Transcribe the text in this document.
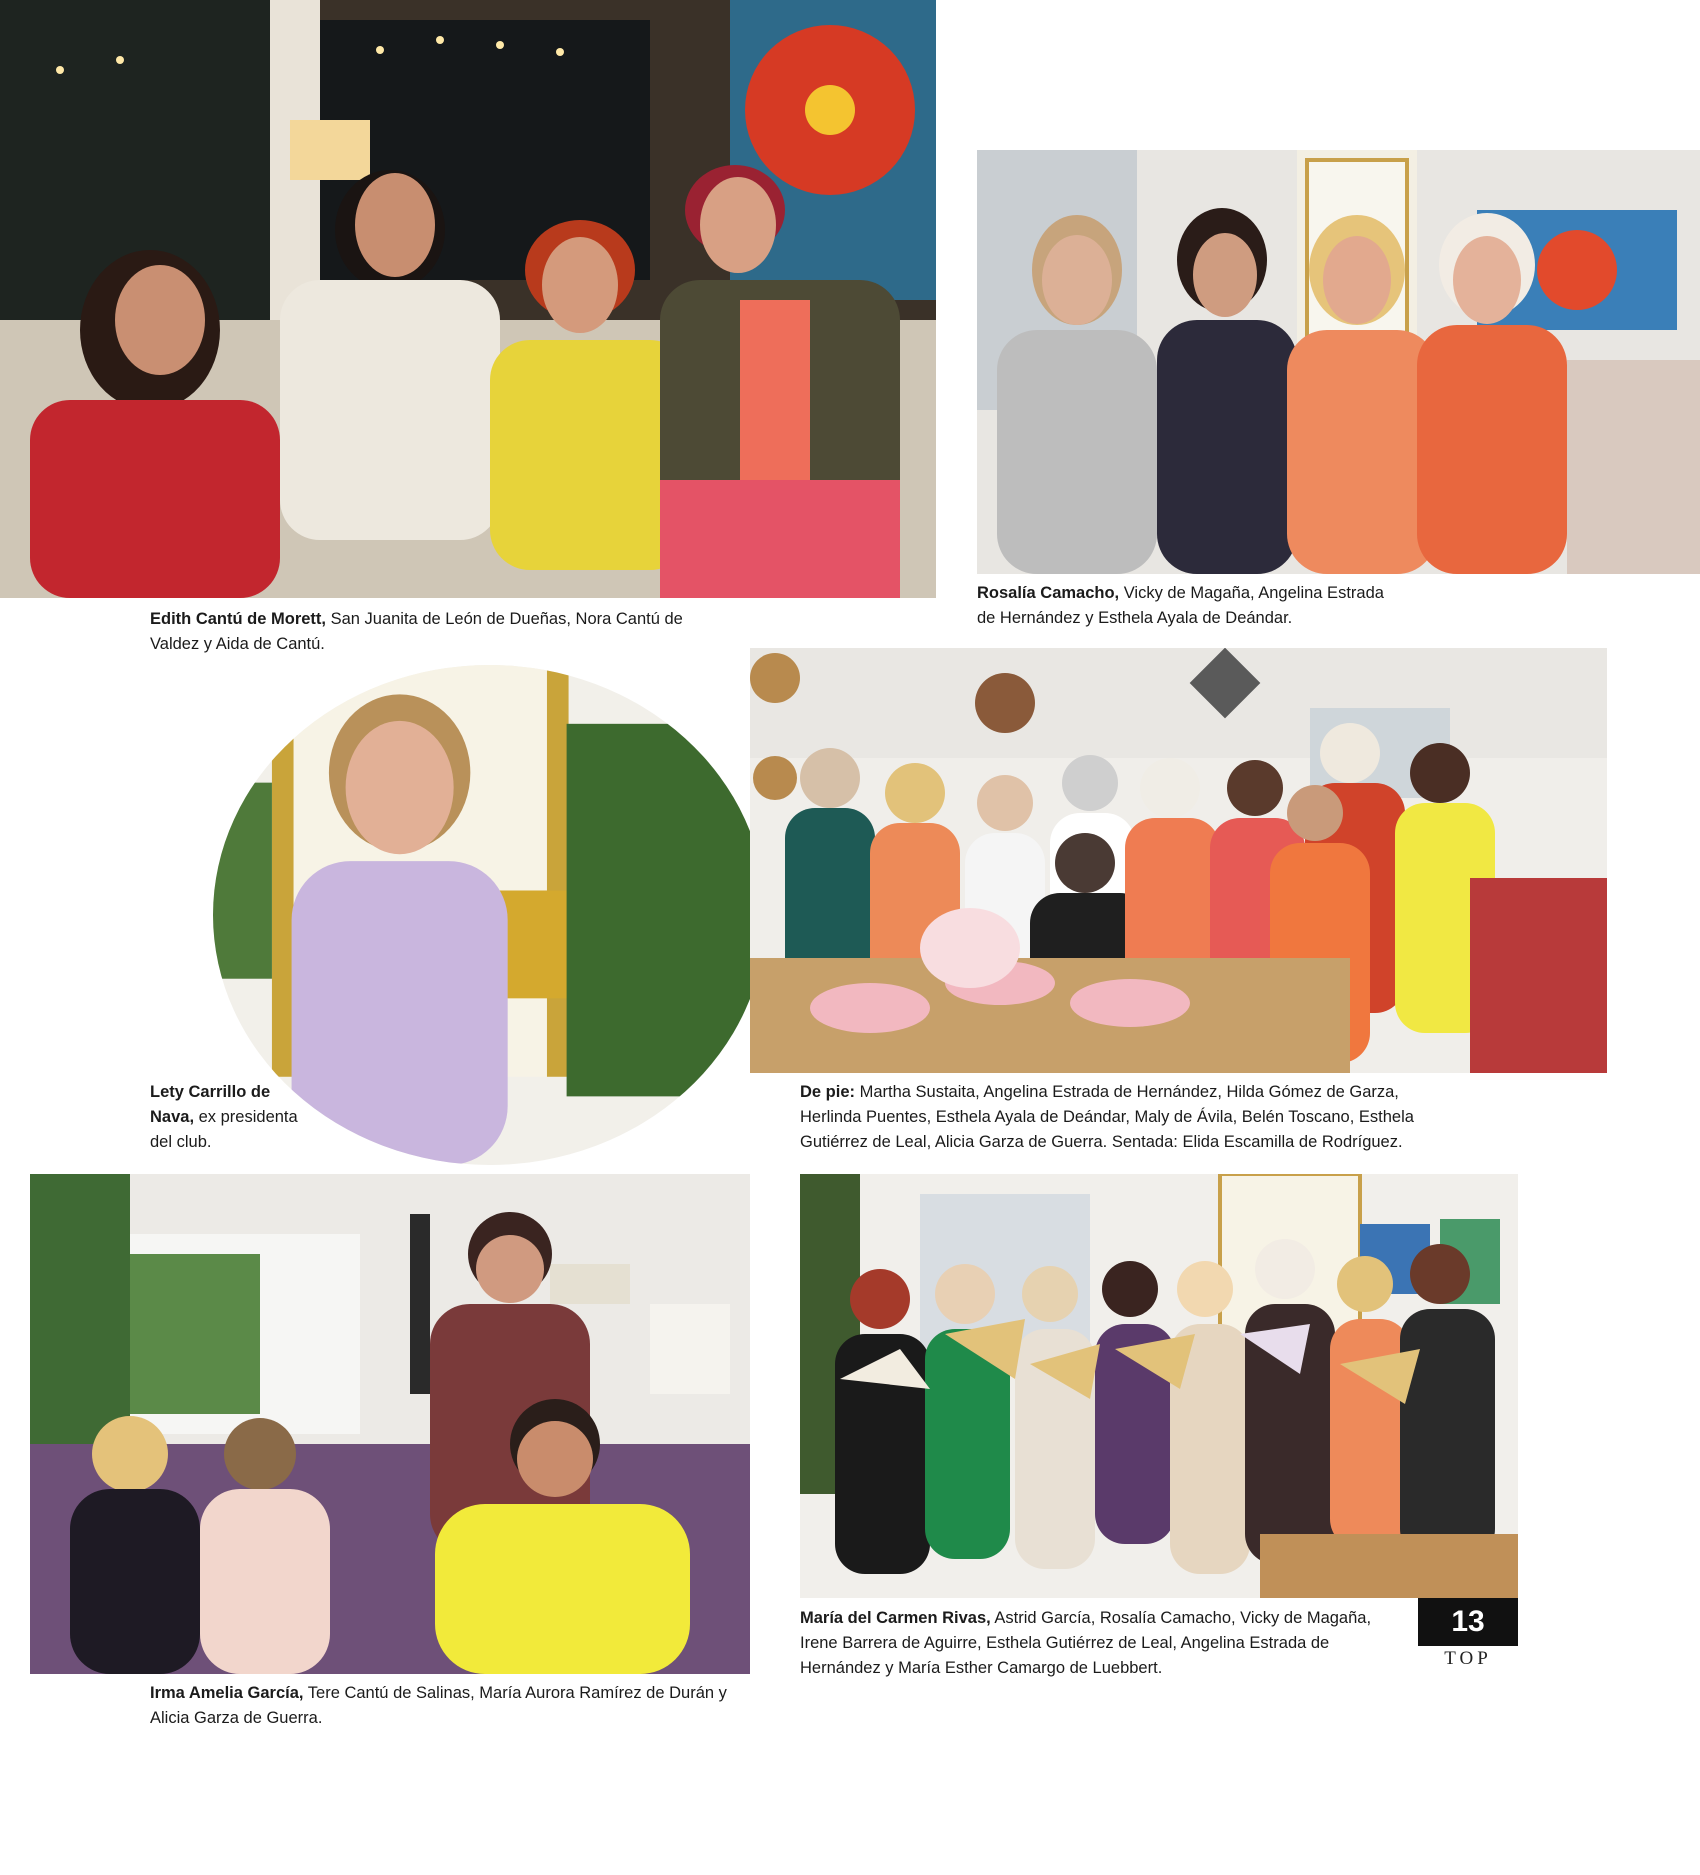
Edith Cantú de Morett, San Juanita de León de Dueñas, Nora Cantú de Valdez y Aida de Cantú.
Rosalía Camacho, Vicky de Magaña, Angelina Estrada de Hernández y Esthela Ayala de Deándar.
Lety Carrillo de Nava, ex presidenta del club.
De pie: Martha Sustaita, Angelina Estrada de Hernández, Hilda Gómez de Garza, Herlinda Puentes, Esthela Ayala de Deándar, Maly de Ávila, Belén Toscano, Esthela Gutiérrez de Leal, Alicia Garza de Guerra. Sentada: Elida Escamilla de Rodríguez.
Irma Amelia García, Tere Cantú de Salinas, María Aurora Ramírez de Durán y Alicia Garza de Guerra.
María del Carmen Rivas, Astrid García, Rosalía Camacho, Vicky de Magaña, Irene Barrera de Aguirre, Esthela Gutiérrez de Leal, Angelina Estrada de Hernández y María Esther Camargo de Luebbert.
13
TOP
